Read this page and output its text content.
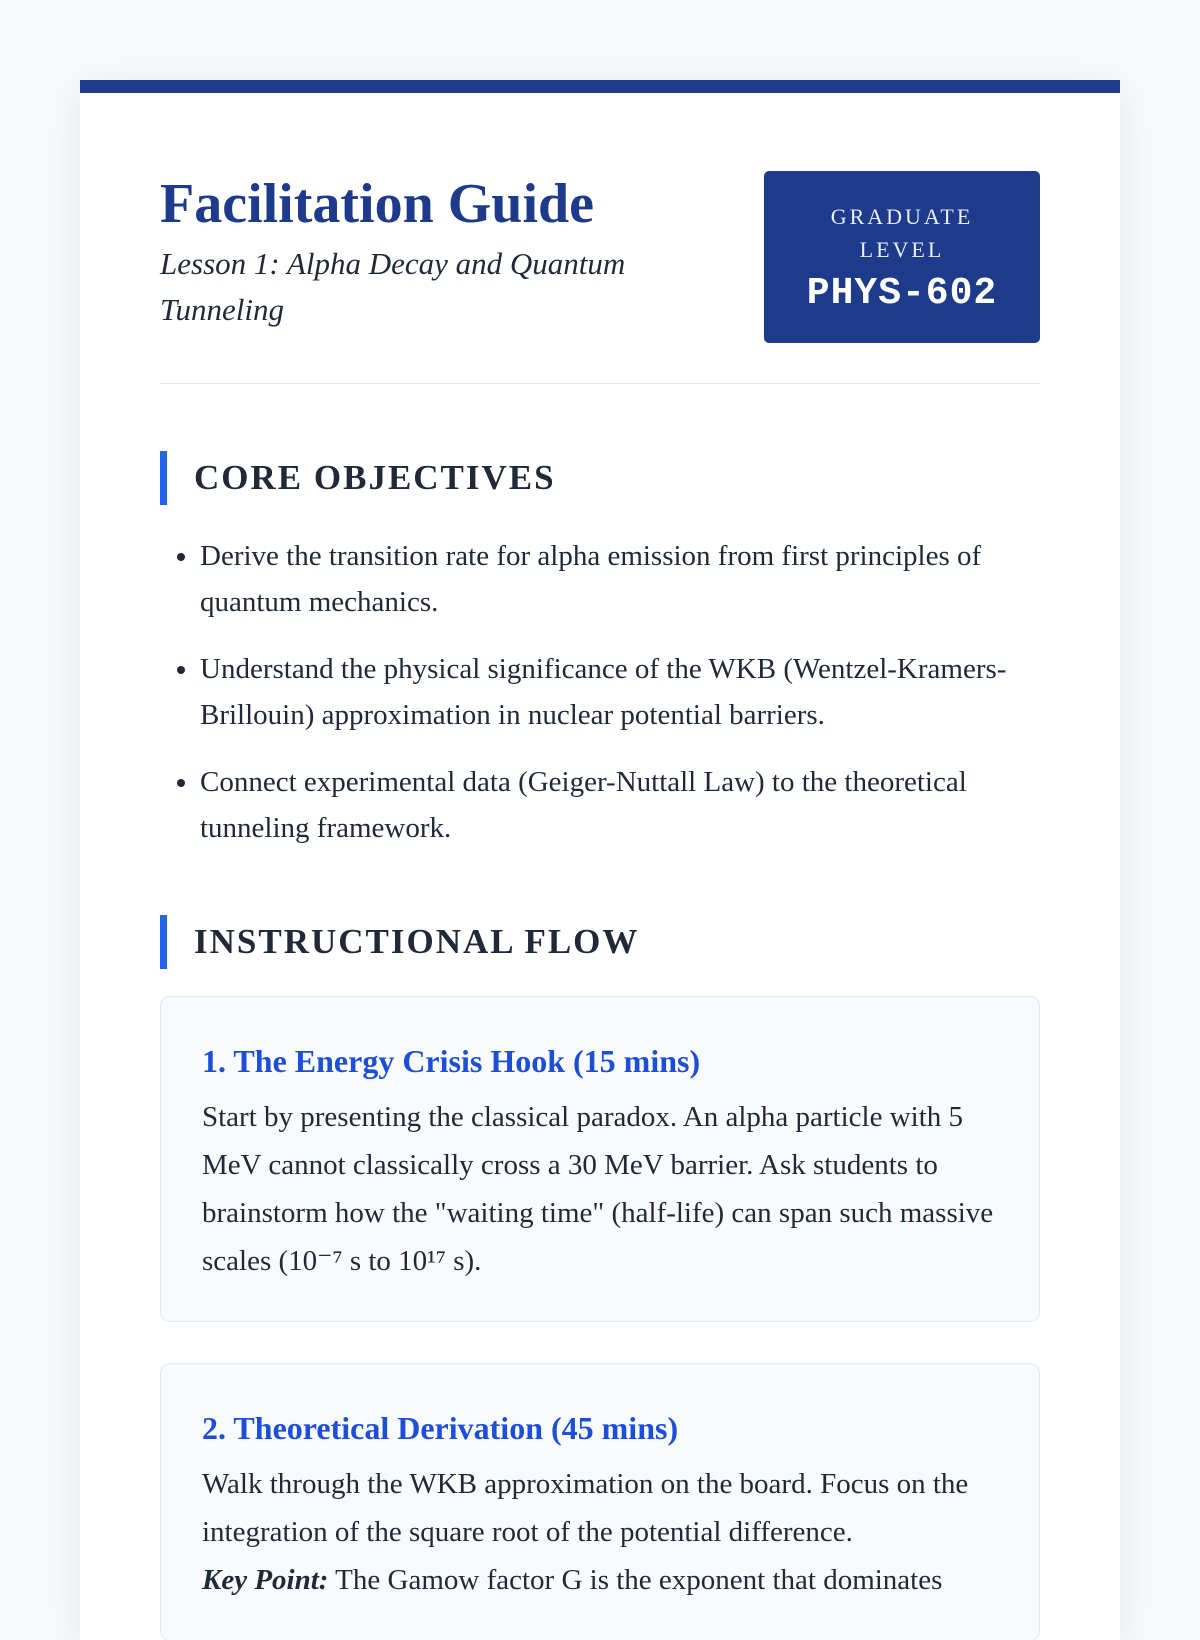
Facilitation Guide

Lesson 1: Alpha Decay and Quantum Tunneling

GRADUATE LEVEL
PHYS-602
CORE OBJECTIVES
• Derive the transition rate for alpha emission from first principles of quantum mechanics.
• Understand the physical significance of the WKB (Wentzel-Kramers-Brillouin) approximation in nuclear potential barriers.
• Connect experimental data (Geiger-Nuttall Law) to the theoretical tunneling framework.
INSTRUCTIONAL FLOW
1. The Energy Crisis Hook (15 mins)

Start by presenting the classical paradox. An alpha particle with 5 MeV cannot classically cross a 30 MeV barrier. Ask students to brainstorm how the "waiting time" (half-life) can span such massive scales (10⁻⁷ s to 10¹⁷ s).

2. Theoretical Derivation (45 mins)

Walk through the WKB approximation on the board. Focus on the integration of the square root of the potential difference.

Key Point: The Gamow factor G is the exponent that dominates
